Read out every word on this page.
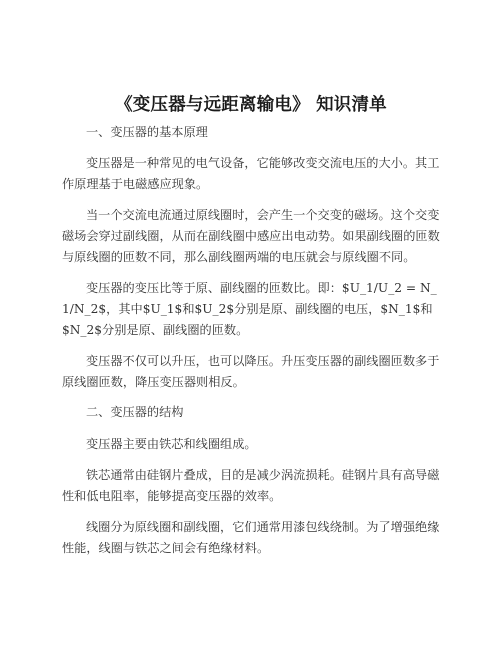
《变压器与远距离输电》 知识清单
一、变压器的基本原理

变压器是一种常见的电气设备，它能够改变交流电压的大小。其工作原理基于电磁感应现象。

当一个交流电流通过原线圈时，会产生一个交变的磁场。这个交变磁场会穿过副线圈，从而在副线圈中感应出电动势。如果副线圈的匝数与原线圈的匝数不同，那么副线圈两端的电压就会与原线圈不同。

变压器的变压比等于原、副线圈的匝数比。即：$U_1/U_2 = N_1/N_2$，其中$U_1$和$U_2$分别是原、副线圈的电压，$N_1$和$N_2$分别是原、副线圈的匝数。

变压器不仅可以升压，也可以降压。升压变压器的副线圈匝数多于原线圈匝数，降压变压器则相反。

二、变压器的结构

变压器主要由铁芯和线圈组成。

铁芯通常由硅钢片叠成，目的是减少涡流损耗。硅钢片具有高导磁性和低电阻率，能够提高变压器的效率。

线圈分为原线圈和副线圈，它们通常用漆包线绕制。为了增强绝缘性能，线圈与铁芯之间会有绝缘材料。
